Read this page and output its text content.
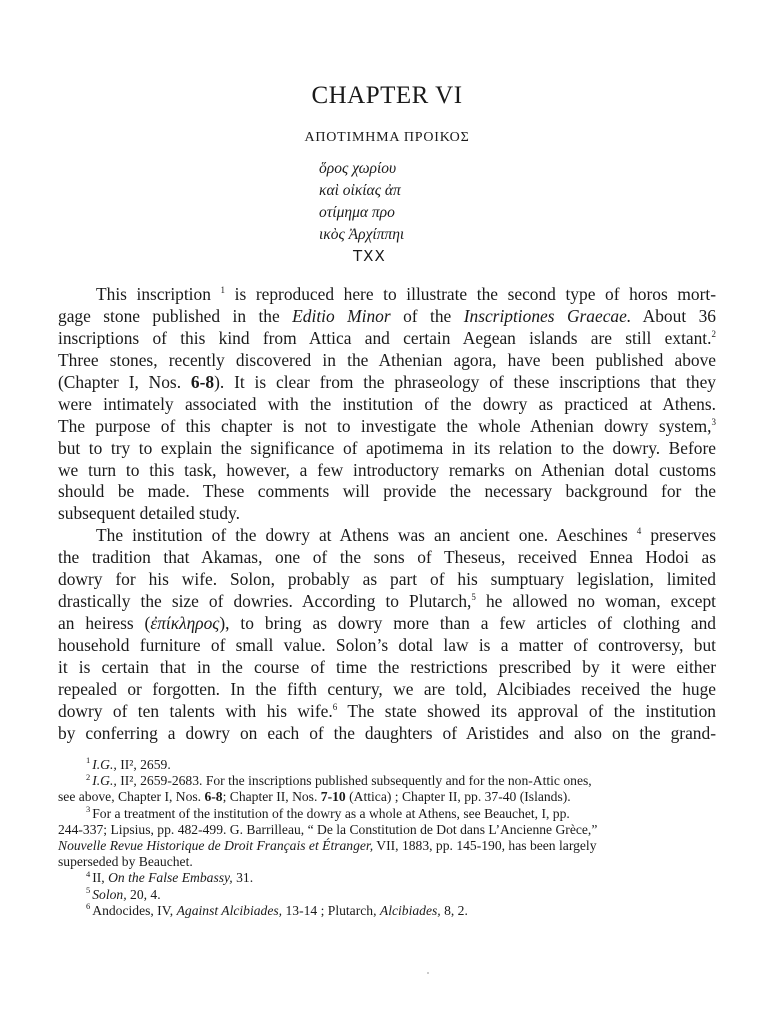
CHAPTER VI
ΑΠΟΤΙΜΗΜΑ ΠΡΟΙΚΟΣ
ὅρος χωρίου
καὶ οἰκίας ἀπ
οτίμημα προ
ικὸς Ἀρχίππηι
TXX
This inscription $^1$ is reproduced here to illustrate the second type of horos mort-
gage stone published in the Editio Minor of the Inscriptiones Graecae. About 36
inscriptions of this kind from Attica and certain Aegean islands are still extant.$^2$
Three stones, recently discovered in the Athenian agora, have been published above
(Chapter I, Nos. 6-8). It is clear from the phraseology of these inscriptions that they
were intimately associated with the institution of the dowry as practiced at Athens.
The purpose of this chapter is not to investigate the whole Athenian dowry system,$^3$
but to try to explain the significance of apotimema in its relation to the dowry. Before
we turn to this task, however, a few introductory remarks on Athenian dotal customs
should be made. These comments will provide the necessary background for the
subsequent detailed study.
The institution of the dowry at Athens was an ancient one. Aeschines $^4$ preserves
the tradition that Akamas, one of the sons of Theseus, received Ennea Hodoi as
dowry for his wife. Solon, probably as part of his sumptuary legislation, limited
drastically the size of dowries. According to Plutarch,$^5$ he allowed no woman, except
an heiress (ἐπίκληρος), to bring as dowry more than a few articles of clothing and
household furniture of small value. Solon’s dotal law is a matter of controversy, but
it is certain that in the course of time the restrictions prescribed by it were either
repealed or forgotten. In the fifth century, we are told, Alcibiades received the huge
dowry of ten talents with his wife.$^6$ The state showed its approval of the institution
by conferring a dowry on each of the daughters of Aristides and also on the grand-
$^1$ I.G., II², 2659.
$^2$ I.G., II², 2659-2683. For the inscriptions published subsequently and for the non-Attic ones,
see above, Chapter I, Nos. 6-8; Chapter II, Nos. 7-10 (Attica) ; Chapter II, pp. 37-40 (Islands).
$^3$ For a treatment of the institution of the dowry as a whole at Athens, see Beauchet, I, pp.
244-337; Lipsius, pp. 482-499. G. Barrilleau, “ De la Constitution de Dot dans L’Ancienne Grèce,”
Nouvelle Revue Historique de Droit Français et Étranger, VII, 1883, pp. 145-190, has been largely
superseded by Beauchet.
$^4$ II, On the False Embassy, 31.
$^5$ Solon, 20, 4.
$^6$ Andocides, IV, Against Alcibiades, 13-14 ; Plutarch, Alcibiades, 8, 2.
